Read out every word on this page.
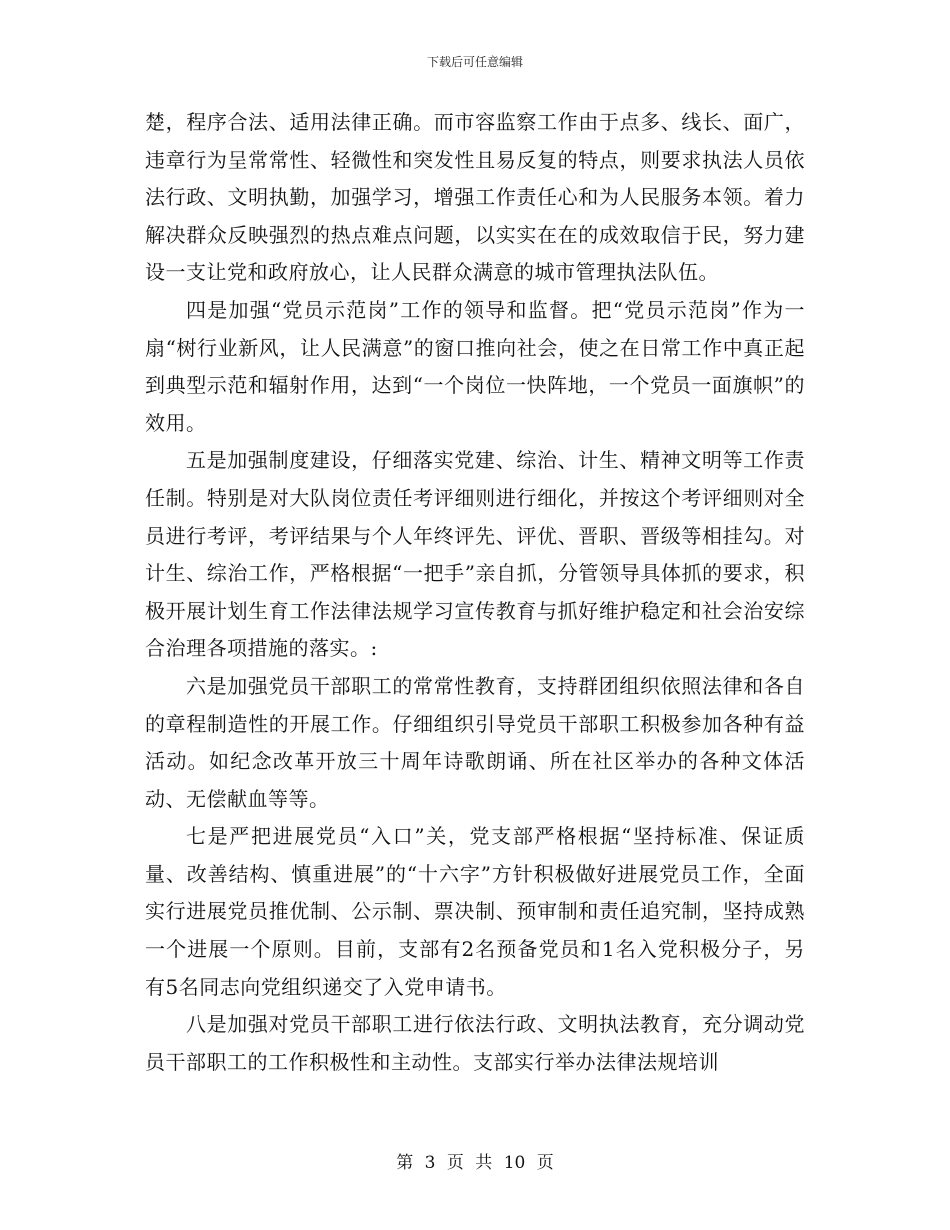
下载后可任意编辑

楚，程序合法、适用法律正确。而市容监察工作由于点多、线长、面广，违章行为呈常常性、轻微性和突发性且易反复的特点，则要求执法人员依法行政、文明执勤，加强学习，增强工作责任心和为人民服务本领。着力解决群众反映强烈的热点难点问题，以实实在在的成效取信于民，努力建设一支让党和政府放心，让人民群众满意的城市管理执法队伍。

四是加强“党员示范岗”工作的领导和监督。把“党员示范岗”作为一扇“树行业新风，让人民满意”的窗口推向社会，使之在日常工作中真正起到典型示范和辐射作用，达到“一个岗位一快阵地，一个党员一面旗帜”的效用。

五是加强制度建设，仔细落实党建、综治、计生、精神文明等工作责任制。特别是对大队岗位责任考评细则进行细化，并按这个考评细则对全员进行考评，考评结果与个人年终评先、评优、晋职、晋级等相挂勾。对计生、综治工作，严格根据“一把手”亲自抓，分管领导具体抓的要求，积极开展计划生育工作法律法规学习宣传教育与抓好维护稳定和社会治安综合治理各项措施的落实。:

六是加强党员干部职工的常常性教育，支持群团组织依照法律和各自的章程制造性的开展工作。仔细组织引导党员干部职工积极参加各种有益活动。如纪念改革开放三十周年诗歌朗诵、所在社区举办的各种文体活动、无偿献血等等。

七是严把进展党员“入口”关，党支部严格根据“坚持标准、保证质量、改善结构、慎重进展”的“十六字”方针积极做好进展党员工作，全面实行进展党员推优制、公示制、票决制、预审制和责任追究制，坚持成熟一个进展一个原则。目前，支部有2名预备党员和1名入党积极分子，另有5名同志向党组织递交了入党申请书。

八是加强对党员干部职工进行依法行政、文明执法教育，充分调动党员干部职工的工作积极性和主动性。支部实行举办法律法规培训

第 3 页 共 10 页
